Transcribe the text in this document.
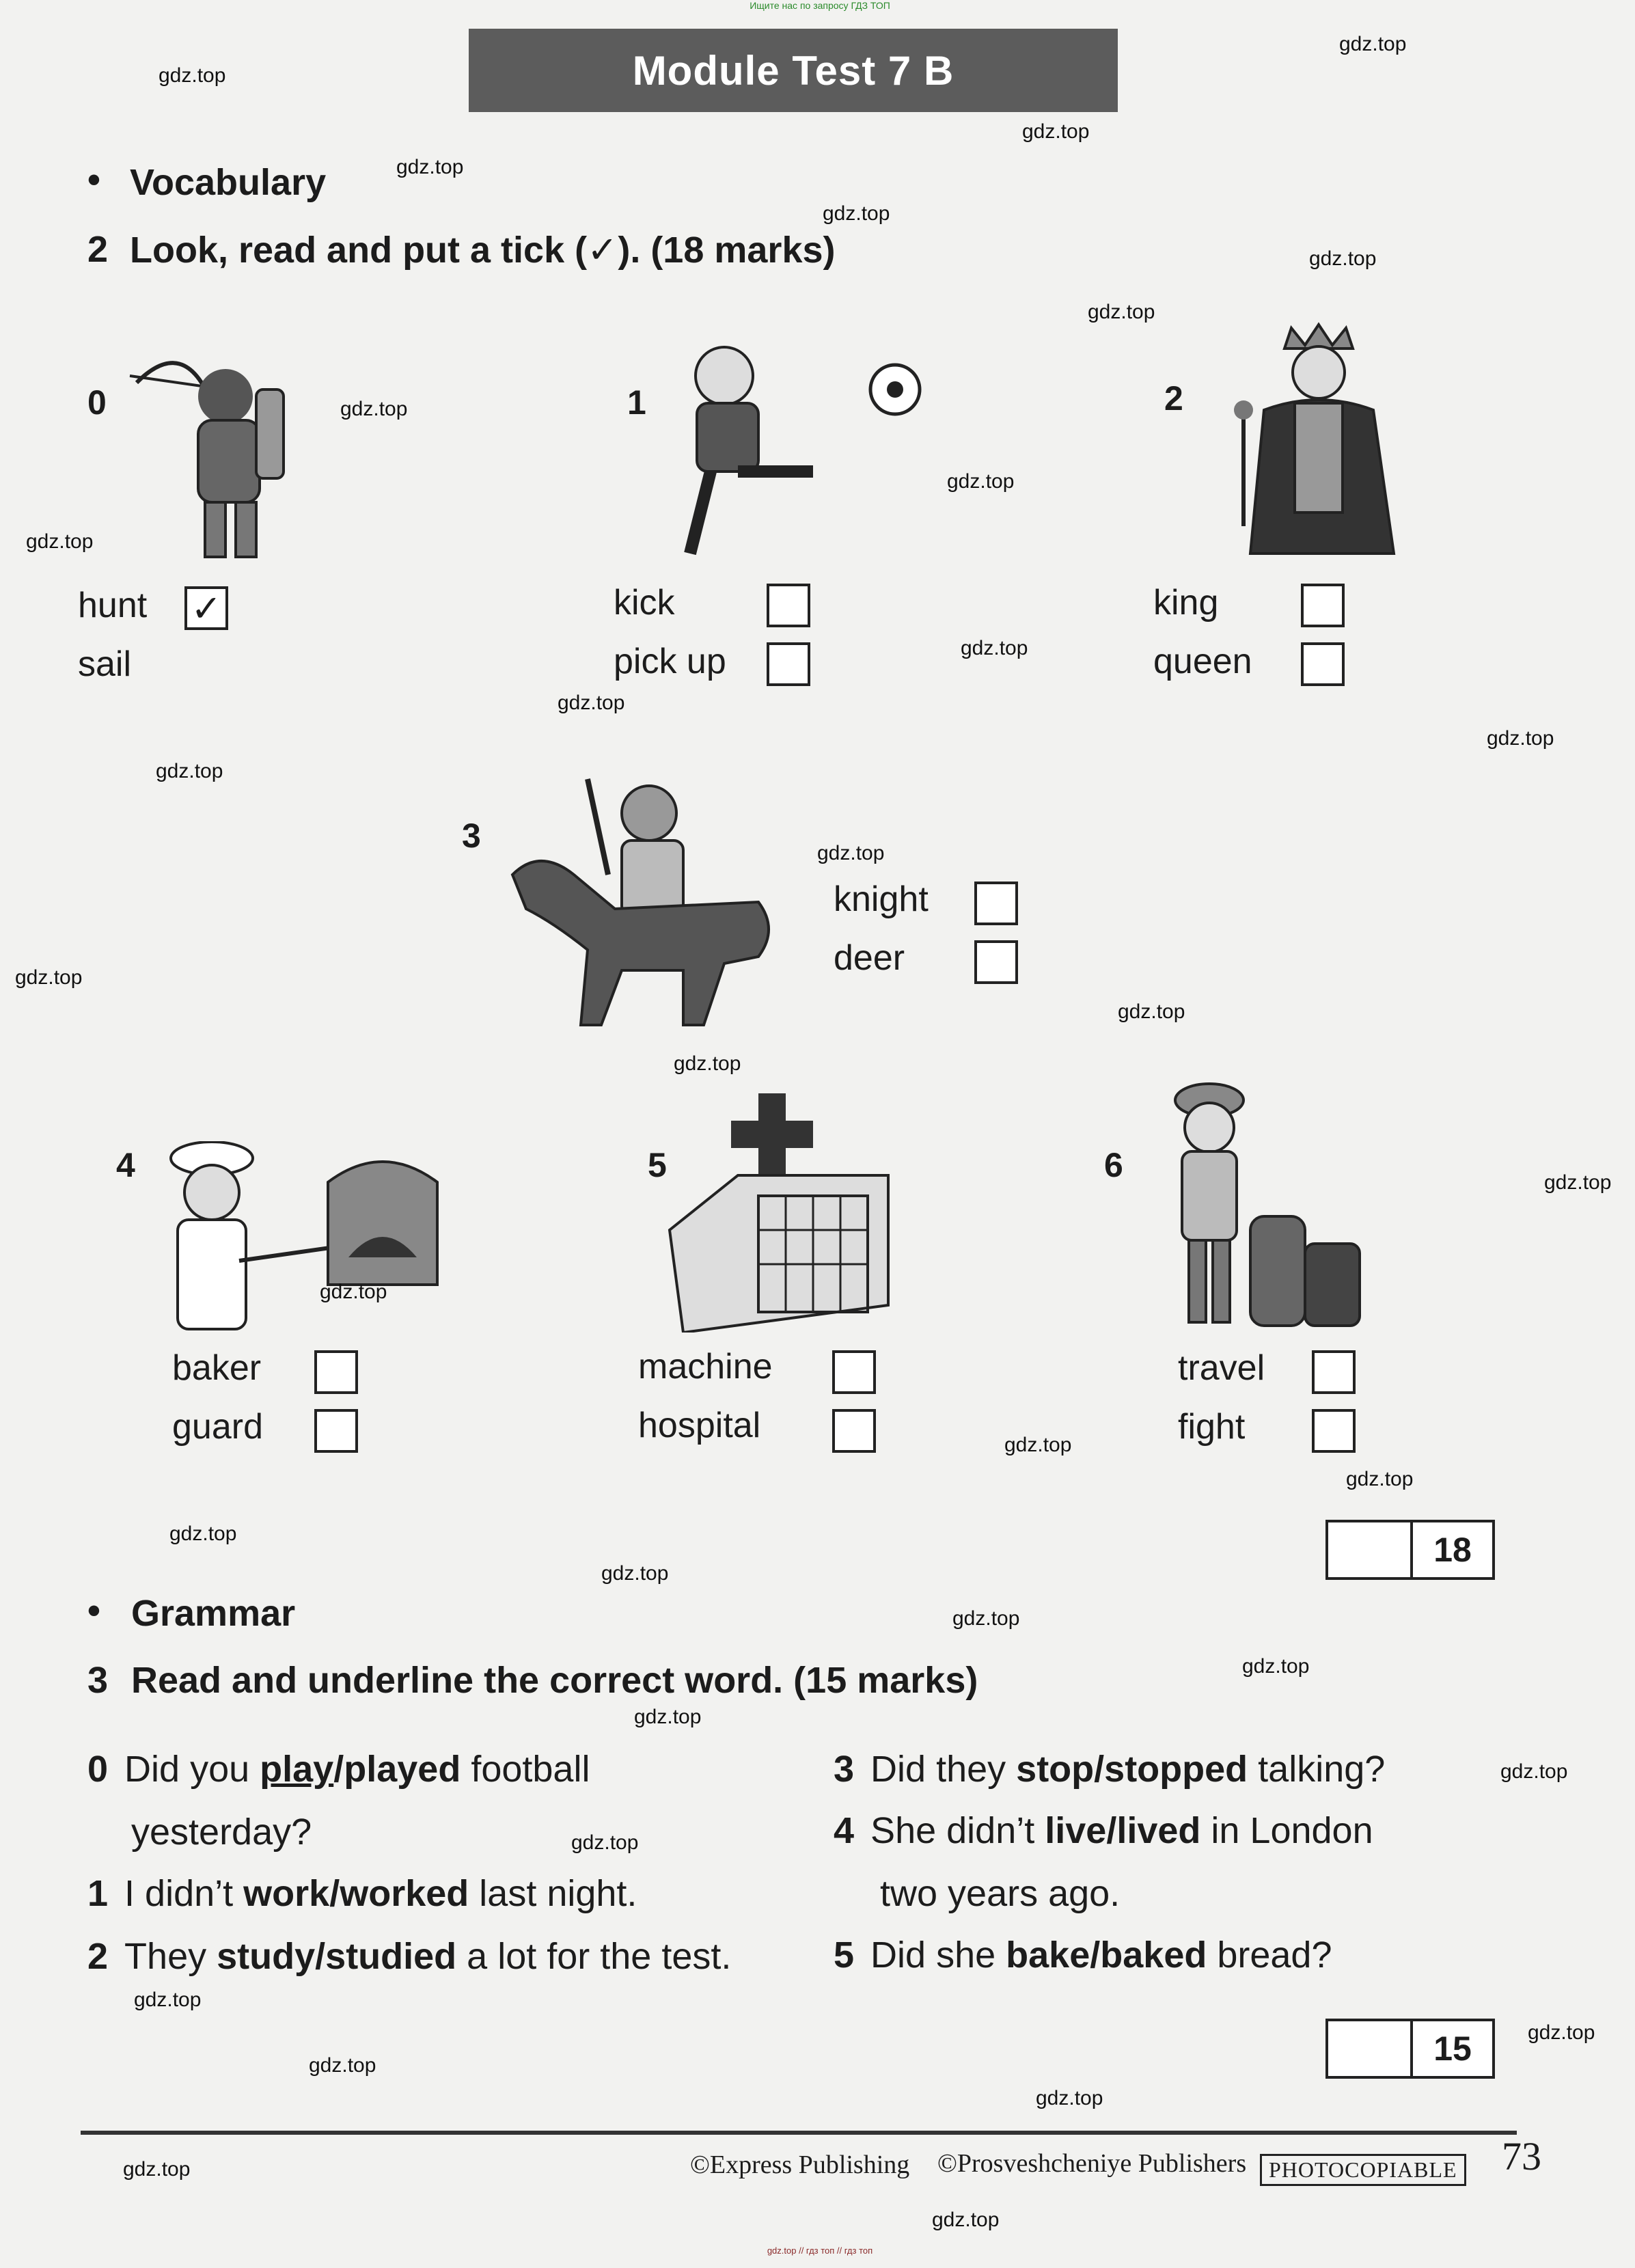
Ищите нас по запросу ГДЗ ТОП
Module Test 7 B
• Vocabulary
2 Look, read and put a tick (✓). (18 marks)
0
hunt ✓
sail
1
kick
pick up
2
king
queen
3
knight
deer
4
baker
guard
5
machine
hospital
6
travel
fight
18
• Grammar
3 Read and underline the correct word. (15 marks)
0 Did you play/played football
yesterday?
1 I didn’t work/worked last night.
2 They study/studied a lot for the test.
3 Did they stop/stopped talking?
4 She didn’t live/lived in London
two years ago.
5 Did she bake/baked bread?
15
©Express Publishing ©Prosveshcheniye Publishers	PHOTOCOPIABLE 73
gdz.top
gdz.top
gdz.top
gdz.top
gdz.top
gdz.top
gdz.top
gdz.top
gdz.top
gdz.top
gdz.top
gdz.top
gdz.top
gdz.top
gdz.top
gdz.top
gdz.top
gdz.top
gdz.top
gdz.top
gdz.top
gdz.top
gdz.top
gdz.top
gdz.top
gdz.top
gdz.top
gdz.top
gdz.top
gdz.top
gdz.top
gdz.top
gdz.top
gdz.top
gdz.top
gdz.top // гдз топ // гдз топ
